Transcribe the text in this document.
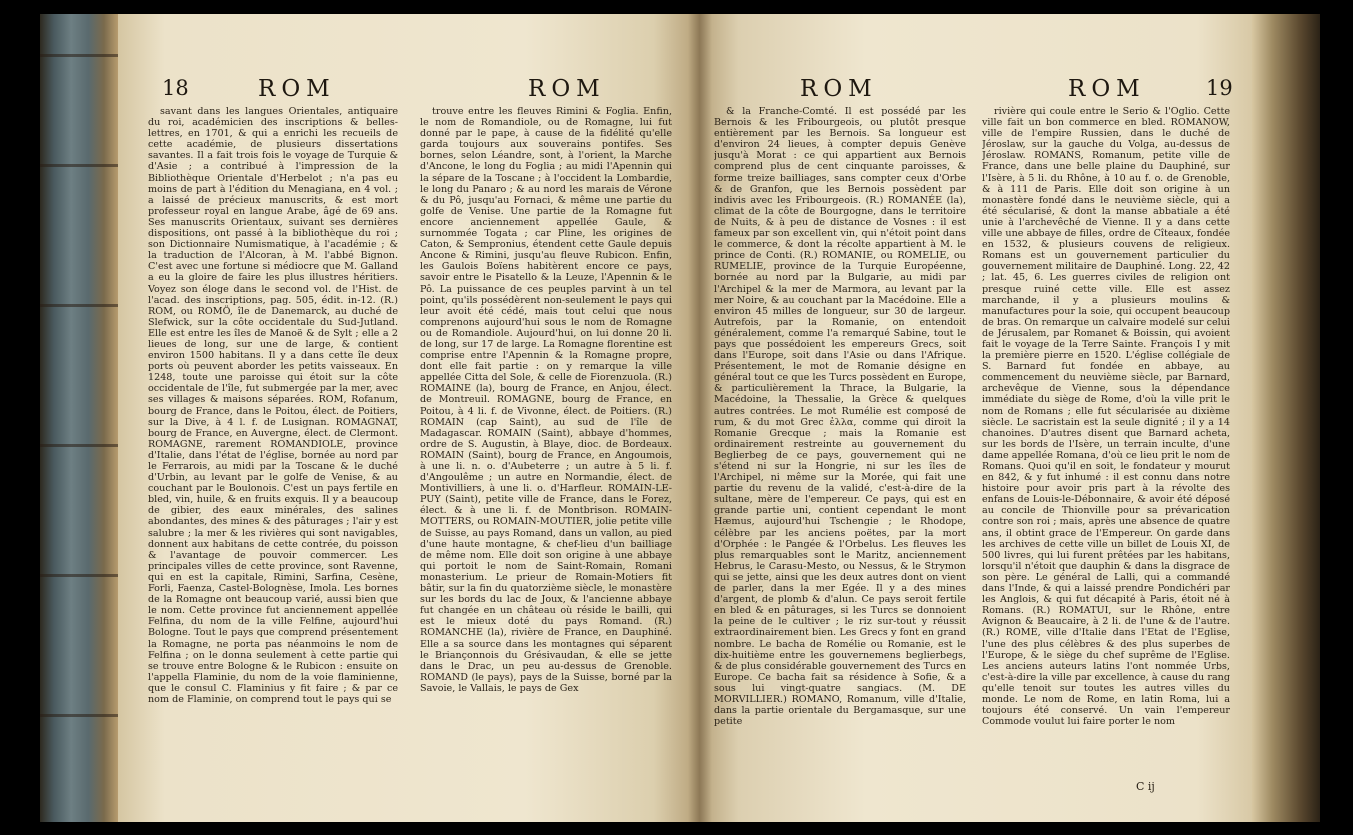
18	ROM	ROM

savant dans les langues Orientales, antiquaire du roi, académicien des inscriptions & belles-lettres, en 1701, & qui a enrichi les recueils de cette académie, de plusieurs dissertations savantes. Il a fait trois fois le voyage de Turquie & d'Asie ; a contribué à l'impression de la Bibliothèque Orientale d'Herbelot ; n'a pas eu moins de part à l'édition du Menagiana, en 4 vol. ; a laissé de précieux manuscrits, & est mort professeur royal en langue Arabe, âgé de 69 ans. Ses manuscrits Orientaux, suivant ses dernières dispositions, ont passé à la bibliothèque du roi ; son Dictionnaire Numismatique, à l'académie ; & la traduction de l'Alcoran, à M. l'abbé Bignon. C'est avec une fortune si médiocre que M. Galland a eu la gloire de faire les plus illustres héritiers. Voyez son éloge dans le second vol. de l'Hist. de l'acad. des inscriptions, pag. 505, édit. in-12. (R.) ROM, ou ROMÖ, île de Danemarck, au duché de Slefwick, sur la côte occidentale du Sud-Jutland. Elle est entre les îles de Manoë & de Sylt ; elle a 2 lieues de long, sur une de large, & contient environ 1500 habitans. Il y a dans cette île deux ports où peuvent aborder les petits vaisseaux. En 1248, toute une paroisse qui étoit sur la côte occidentale de l'île, fut submergée par la mer, avec ses villages & maisons séparées. ROM, Rofanum, bourg de France, dans le Poitou, élect. de Poitiers, sur la Dive, à 4 l. f. de Lusignan. ROMAGNAT, bourg de France, en Auvergne, élect. de Clermont. ROMAGNE, rarement ROMANDIOLE, province d'Italie, dans l'état de l'église, bornée au nord par le Ferrarois, au midi par la Toscane & le duché d'Urbin, au levant par le golfe de Venise, & au couchant par le Boulonois. C'est un pays fertile en bled, vin, huile, & en fruits exquis. Il y a beaucoup de gibier, des eaux minérales, des salines abondantes, des mines & des pâturages ; l'air y est salubre ; la mer & les rivières qui sont navigables, donnent aux habitans de cette contrée, du poisson & l'avantage de pouvoir commercer. Les principales villes de cette province, sont Ravenne, qui en est la capitale, Rimini, Sarfina, Cesène, Forli, Faenza, Castel-Bolognèse, Imola. Les bornes de la Romagne ont beaucoup varié, aussi bien que le nom. Cette province fut anciennement appellée Felfina, du nom de la ville Felfine, aujourd'hui Bologne. Tout le pays que comprend présentement la Romagne, ne porta pas néanmoins le nom de Felfina ; on le donna seulement à cette partie qui se trouve entre Bologne & le Rubicon : ensuite on l'appella Flaminie, du nom de la voie flaminienne, que le consul C. Flaminius y fit faire ; & par ce nom de Flaminie, on comprend tout le pays qui se

trouve entre les fleuves Rimini & Foglia. Enfin, le nom de Romandiole, ou de Romagne, lui fut donné par le pape, à cause de la fidélité qu'elle garda toujours aux souverains pontifes. Ses bornes, selon Léandre, sont, à l'orient, la Marche d'Ancone, le long du Foglia ; au midi l'Apennin qui la sépare de la Toscane ; à l'occident la Lombardie, le long du Panaro ; & au nord les marais de Vérone & du Pô, jusqu'au Fornaci, & même une partie du golfe de Venise. Une partie de la Romagne fut encore anciennement appellée Gaule, & surnommée Togata ; car Pline, les origines de Caton, & Sempronius, étendent cette Gaule depuis Ancone & Rimini, jusqu'au fleuve Rubicon. Enfin, les Gaulois Boïens habitèrent encore ce pays, savoir entre le Pisatello & la Leuze, l'Apennin & le Pô. La puissance de ces peuples parvint à un tel point, qu'ils possédèrent non-seulement le pays qui leur avoit été cédé, mais tout celui que nous comprenons aujourd'hui sous le nom de Romagne ou de Romandiole. Aujourd'hui, on lui donne 20 li. de long, sur 17 de large. La Romagne florentine est comprise entre l'Apennin & la Romagne propre, dont elle fait partie : on y remarque la ville appellée Citta del Sole, & celle de Fiorenzuola. (R.) ROMAINE (la), bourg de France, en Anjou, élect. de Montreuil. ROMAGNE, bourg de France, en Poitou, à 4 li. f. de Vivonne, élect. de Poitiers. (R.) ROMAIN (cap Saint), au sud de l'île de Madagascar. ROMAIN (Saint), abbaye d'hommes, ordre de S. Augustin, à Blaye, dioc. de Bordeaux. ROMAIN (Saint), bourg de France, en Angoumois, à une li. n. o. d'Aubeterre ; un autre à 5 li. f. d'Angoulême ; un autre en Normandie, élect. de Montivilliers, à une li. o. d'Harfleur. ROMAIN-LE-PUY (Saint), petite ville de France, dans le Forez, élect. & à une li. f. de Montbrison. ROMAIN-MOTTERS, ou ROMAIN-MOUTIER, jolie petite ville de Suisse, au pays Romand, dans un vallon, au pied d'une haute montagne, & chef-lieu d'un bailliage de même nom. Elle doit son origine à une abbaye qui portoit le nom de Saint-Romain, Romani monasterium. Le prieur de Romain-Motiers fit bâtir, sur la fin du quatorzième siècle, le monastère sur les bords du lac de Joux, & l'ancienne abbaye fut changée en un château où réside le bailli, qui est le mieux doté du pays Romand. (R.) ROMANCHE (la), rivière de France, en Dauphiné. Elle a sa source dans les montagnes qui séparent le Briançonnois du Grésivaudan, & elle se jette dans le Drac, un peu au-dessus de Grenoble. ROMAND (le pays), pays de la Suisse, borné par la Savoie, le Vallais, le pays de Gex

ROM	ROM	19

& la Franche-Comté. Il est possédé par les Bernois & les Fribourgeois, ou plutôt presque entièrement par les Bernois. Sa longueur est d'environ 24 lieues, à compter depuis Genève jusqu'à Morat : ce qui appartient aux Bernois comprend plus de cent cinquante paroisses, & forme treize bailliages, sans compter ceux d'Orbe & de Granfon, que les Bernois possèdent par indivis avec les Fribourgeois. (R.) ROMANÉE (la), climat de la côte de Bourgogne, dans le territoire de Nuits, & à peu de distance de Vosnes : il est fameux par son excellent vin, qui n'étoit point dans le commerce, & dont la récolte appartient à M. le prince de Conti. (R.) ROMANIE, ou ROMELIE, ou RUMELIE, province de la Turquie Européenne, bornée au nord par la Bulgarie, au midi par l'Archipel & la mer de Marmora, au levant par la mer Noire, & au couchant par la Macédoine. Elle a environ 45 milles de longueur, sur 30 de largeur. Autrefois, par la Romanie, on entendoit généralement, comme l'a remarqué Sabine, tout le pays que possédoient les empereurs Grecs, soit dans l'Europe, soit dans l'Asie ou dans l'Afrique. Présentement, le mot de Romanie désigne en général tout ce que les Turcs possèdent en Europe, & particulièrement la Thrace, la Bulgarie, la Macédoine, la Thessalie, la Grèce & quelques autres contrées. Le mot Rumélie est composé de rum, & du mot Grec ἐλλα, comme qui diroit la Romanie Grecque ; mais la Romanie est ordinairement restreinte au gouvernement du Beglierbeg de ce pays, gouvernement qui ne s'étend ni sur la Hongrie, ni sur les îles de l'Archipel, ni même sur la Morée, qui fait une partie du revenu de la validé, c'est-à-dire de la sultane, mère de l'empereur. Ce pays, qui est en grande partie uni, contient cependant le mont Hæmus, aujourd'hui Tschengie ; le Rhodope, célèbre par les anciens poëtes, par la mort d'Orphée : le Pangée & l'Orbelus. Les fleuves les plus remarquables sont le Maritz, anciennement Hebrus, le Carasu-Mesto, ou Nessus, & le Strymon qui se jette, ainsi que les deux autres dont on vient de parler, dans la mer Egée. Il y a des mines d'argent, de plomb & d'alun. Ce pays seroit fertile en bled & en pâturages, si les Turcs se donnoient la peine de le cultiver ; le riz sur-tout y réussit extraordinairement bien. Les Grecs y font en grand nombre. Le bacha de Romélie ou Romanie, est le dix-huitième entre les gouvernemens beglierbegs, & de plus considérable gouvernement des Turcs en Europe. Ce bacha fait sa résidence à Sofie, & a sous lui vingt-quatre sangiacs. (M. DE MORVILLIER.) ROMANO, Romanum, ville d'Italie, dans la partie orientale du Bergamasque, sur une petite

rivière qui coule entre le Serio & l'Oglio. Cette ville fait un bon commerce en bled. ROMANOW, ville de l'empire Russien, dans le duché de Jéroslaw, sur la gauche du Volga, au-dessus de Jéroslaw. ROMANS, Romanum, petite ville de France, dans une belle plaine du Dauphiné, sur l'Isère, à 5 li. du Rhône, à 10 au f. o. de Grenoble, & à 111 de Paris. Elle doit son origine à un monastère fondé dans le neuvième siècle, qui a été sécularisé, & dont la manse abbatiale a été unie à l'archevêché de Vienne. Il y a dans cette ville une abbaye de filles, ordre de Cîteaux, fondée en 1532, & plusieurs couvens de religieux. Romans est un gouvernement particulier du gouvernement militaire de Dauphiné. Long. 22, 42 ; lat. 45, 6. Les guerres civiles de religion ont presque ruiné cette ville. Elle est assez marchande, il y a plusieurs moulins & manufactures pour la soie, qui occupent beaucoup de bras. On remarque un calvaire modelé sur celui de Jérusalem, par Romanet & Boissin, qui avoient fait le voyage de la Terre Sainte. François I y mit la première pierre en 1520. L'église collégiale de S. Barnard fut fondée en abbaye, au commencement du neuvième siècle, par Barnard, archevêque de Vienne, sous la dépendance immédiate du siège de Rome, d'où la ville prit le nom de Romans ; elle fut sécularisée au dixième siècle. Le sacristain est la seule dignité ; il y a 14 chanoines. D'autres disent que Barnard acheta, sur les bords de l'Isère, un terrain inculte, d'une dame appellée Romana, d'où ce lieu prit le nom de Romans. Quoi qu'il en soit, le fondateur y mourut en 842, & y fut inhumé : il est connu dans notre histoire pour avoir pris part à la révolte des enfans de Louis-le-Débonnaire, & avoir été déposé au concile de Thionville pour sa prévarication contre son roi ; mais, après une absence de quatre ans, il obtint grace de l'Empereur. On garde dans les archives de cette ville un billet de Louis XI, de 500 livres, qui lui furent prêtées par les habitans, lorsqu'il n'étoit que dauphin & dans la disgrace de son père. Le général de Lalli, qui a commandé dans l'Inde, & qui a laissé prendre Pondichéri par les Anglois, & qui fut décapité à Paris, étoit né à Romans. (R.) ROMATUI, sur le Rhône, entre Avignon & Beaucaire, à 2 li. de l'une & de l'autre. (R.) ROME, ville d'Italie dans l'Etat de l'Eglise, l'une des plus célèbres & des plus superbes de l'Europe, & le siège du chef suprême de l'Eglise. Les anciens auteurs latins l'ont nommée Urbs, c'est-à-dire la ville par excellence, à cause du rang qu'elle tenoit sur toutes les autres villes du monde. Le nom de Rome, en latin Roma, lui a toujours été conservé. Un vain l'empereur Commode voulut lui faire porter le nom

C ij
